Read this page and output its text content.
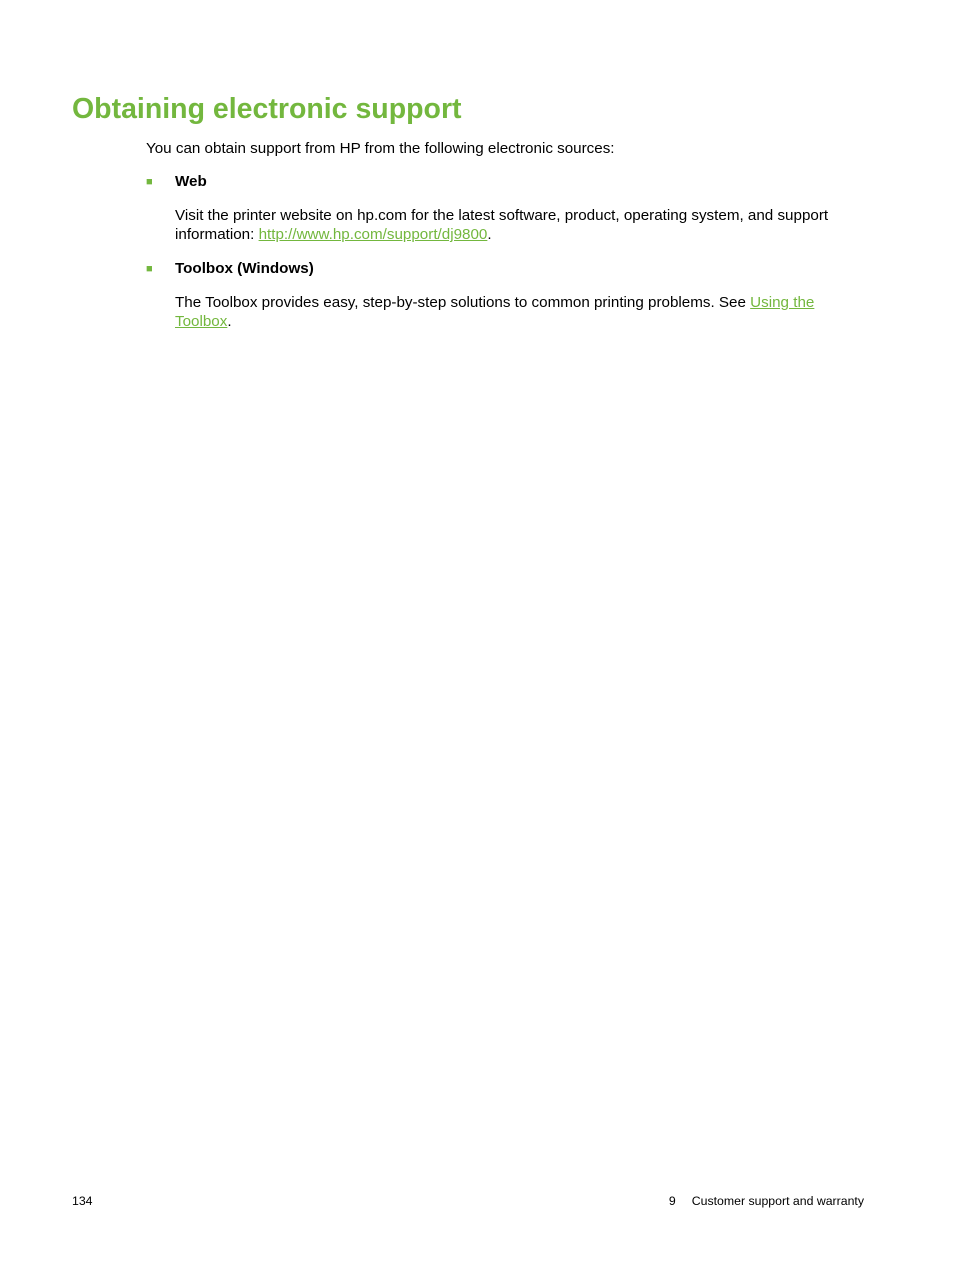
Obtaining electronic support

You can obtain support from HP from the following electronic sources:

■ Web

Visit the printer website on hp.com for the latest software, product, operating system, and support information: http://www.hp.com/support/dj9800.

■ Toolbox (Windows)

The Toolbox provides easy, step-by-step solutions to common printing problems. See Using the Toolbox.

134	9 Customer support and warranty
